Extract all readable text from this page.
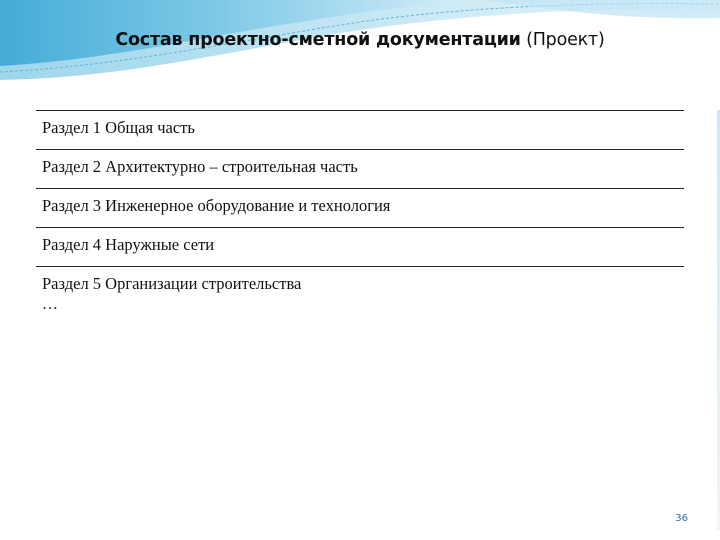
Состав проектно-сметной документации (Проект)
Раздел 1 Общая часть
Раздел 2 Архитектурно – строительная часть
Раздел 3 Инженерное оборудование и технология
Раздел 4 Наружные сети
Раздел 5 Организации строительства
…
36
